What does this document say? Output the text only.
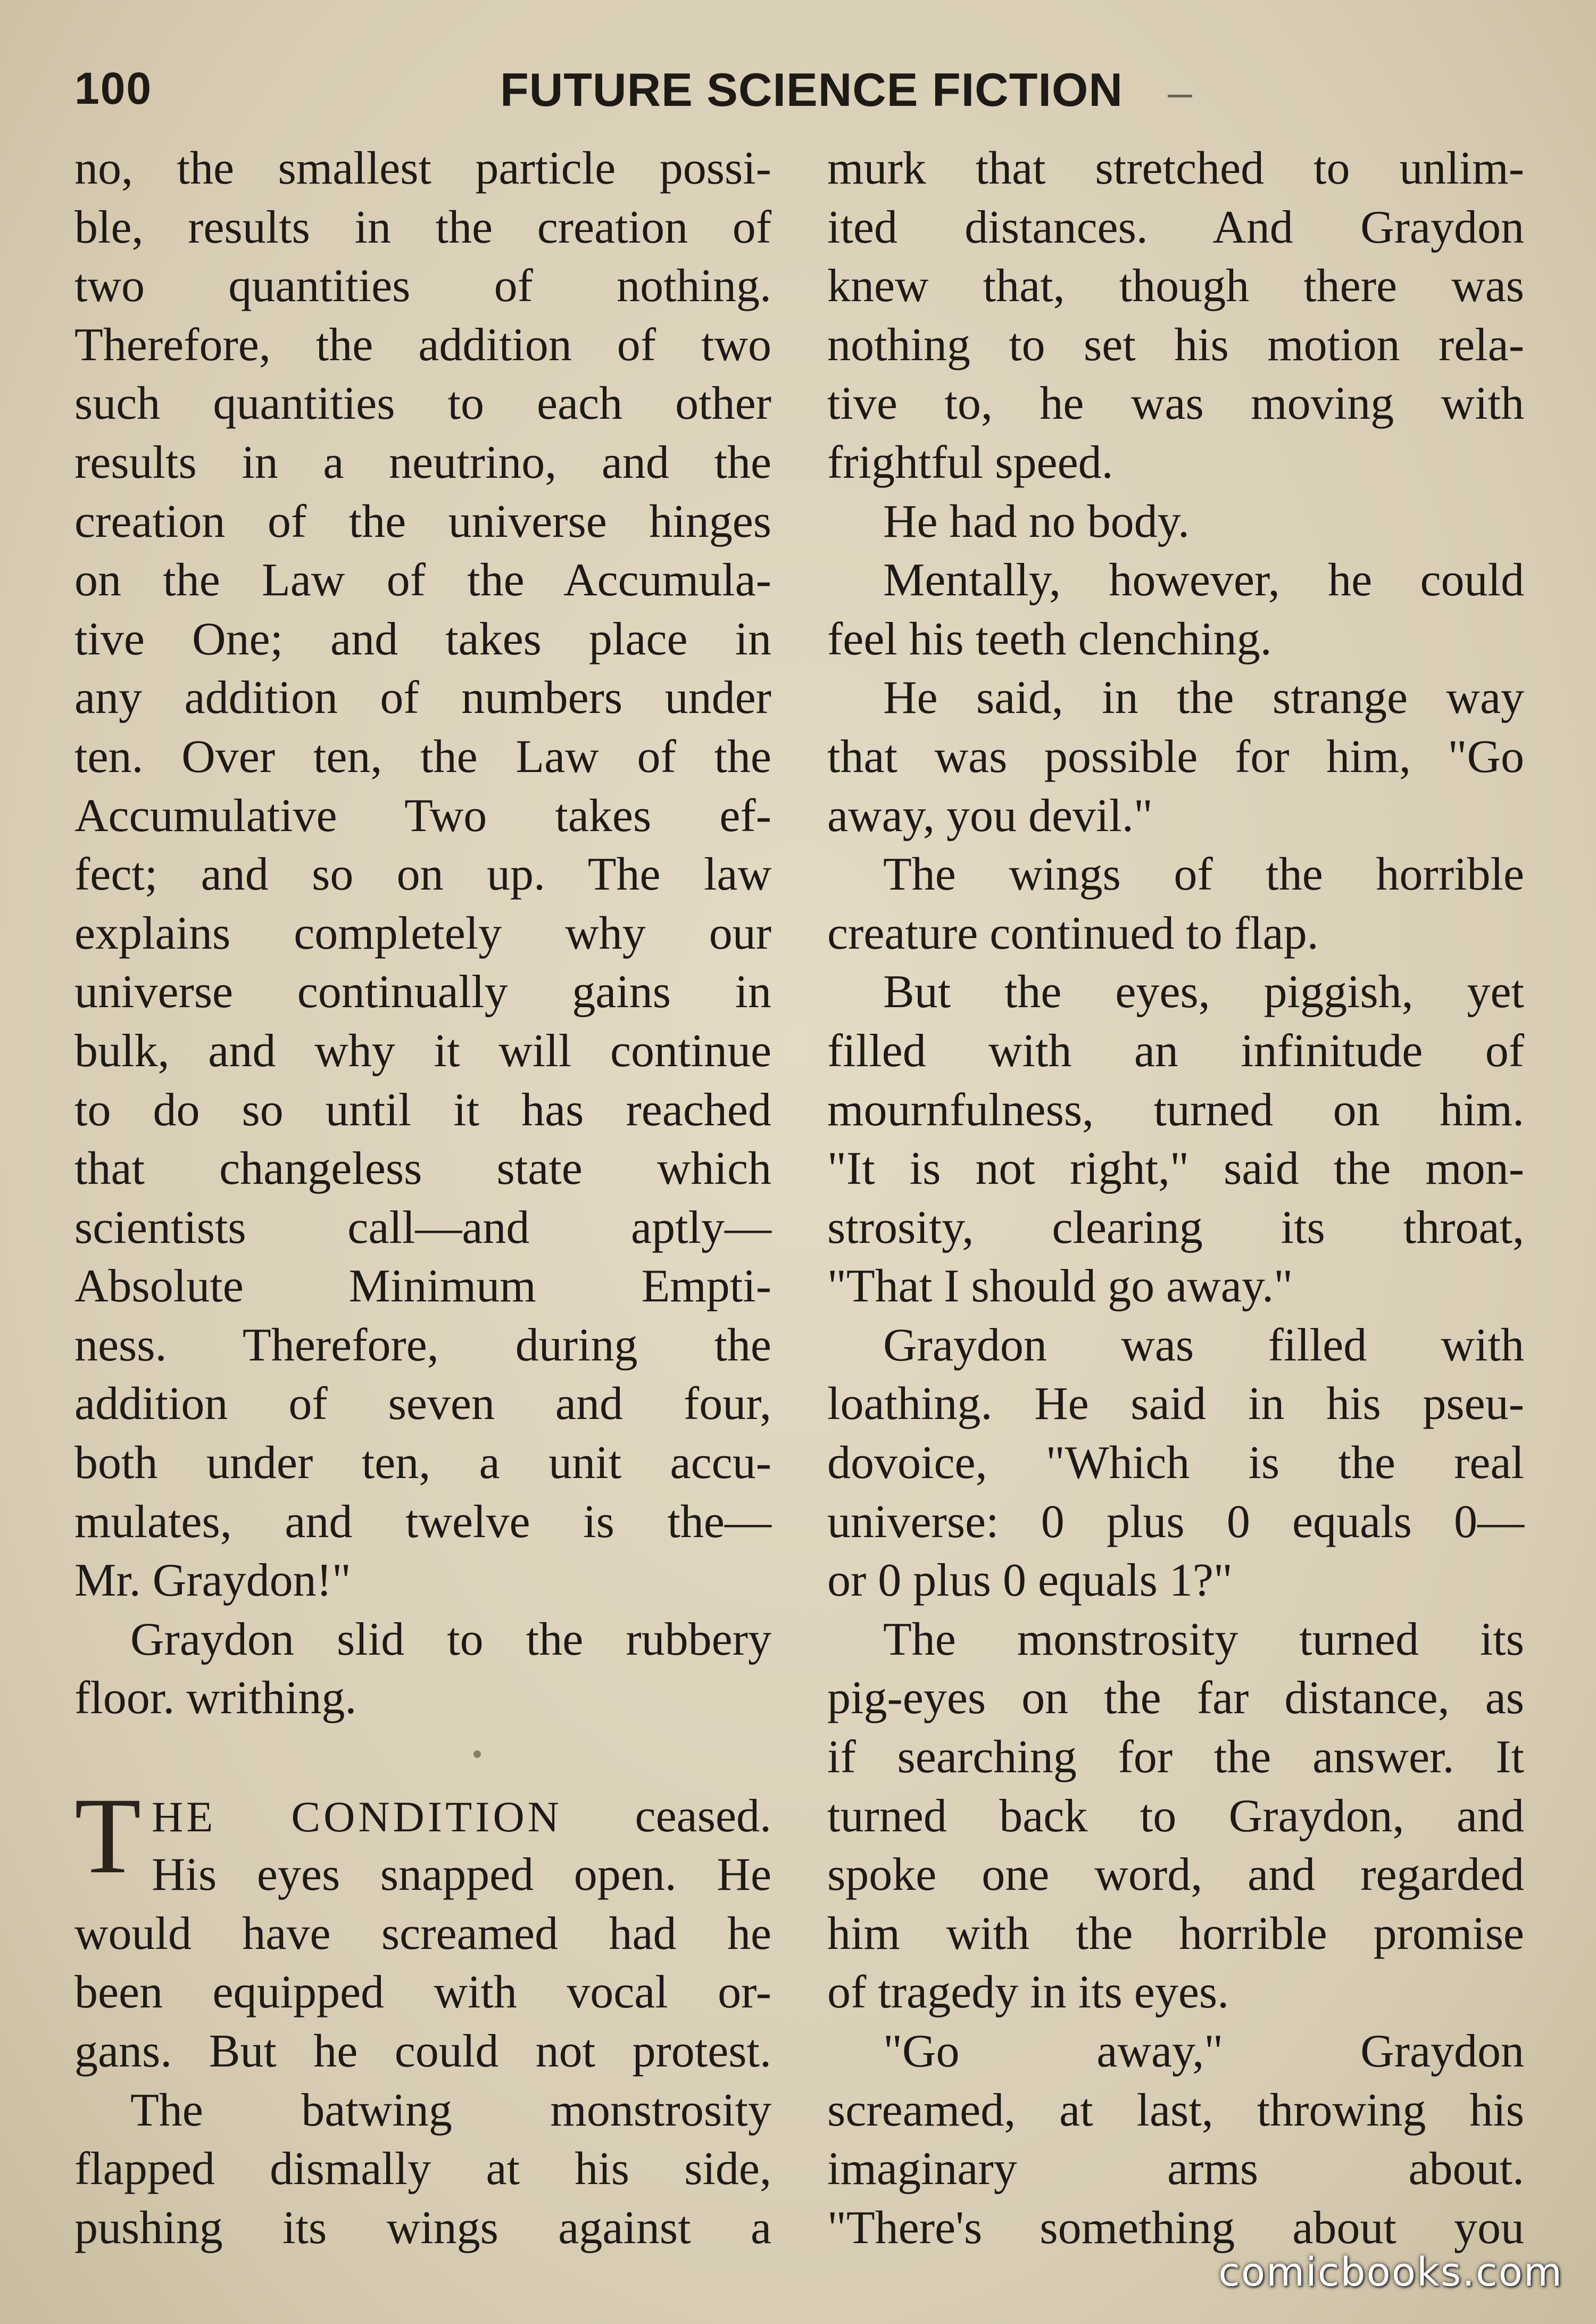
100	FUTURE SCIENCE FICTION
no, the smallest particle possi-
ble, results in the creation of
two quantities of nothing.
Therefore, the addition of two
such quantities to each other
results in a neutrino, and the
creation of the universe hinges
on the Law of the Accumula-
tive One; and takes place in
any addition of numbers under
ten. Over ten, the Law of the
Accumulative Two takes ef-
fect; and so on up. The law
explains completely why our
universe continually gains in
bulk, and why it will continue
to do so until it has reached
that changeless state which
scientists call—and aptly—
Absolute Minimum Empti-
ness. Therefore, during the
addition of seven and four,
both under ten, a unit accu-
mulates, and twelve is the—
Mr. Graydon!"
Graydon slid to the rubbery
floor. writhing.
T HE CONDITION ceased.
His eyes snapped open. He
would have screamed had he
been equipped with vocal or-
gans. But he could not protest.
The batwing monstrosity
flapped dismally at his side,
pushing its wings against a
murk that stretched to unlim-
ited distances. And Graydon
knew that, though there was
nothing to set his motion rela-
tive to, he was moving with
frightful speed.
He had no body.
Mentally, however, he could
feel his teeth clenching.
He said, in the strange way
that was possible for him, "Go
away, you devil."
The wings of the horrible
creature continued to flap.
But the eyes, piggish, yet
filled with an infinitude of
mournfulness, turned on him.
"It is not right," said the mon-
strosity, clearing its throat,
"That I should go away."
Graydon was filled with
loathing. He said in his pseu-
dovoice, "Which is the real
universe: 0 plus 0 equals 0—
or 0 plus 0 equals 1?"
The monstrosity turned its
pig-eyes on the far distance, as
if searching for the answer. It
turned back to Graydon, and
spoke one word, and regarded
him with the horrible promise
of tragedy in its eyes.
"Go away," Graydon
screamed, at last, throwing his
imaginary arms about.
"There's something about you
comicbooks.com
